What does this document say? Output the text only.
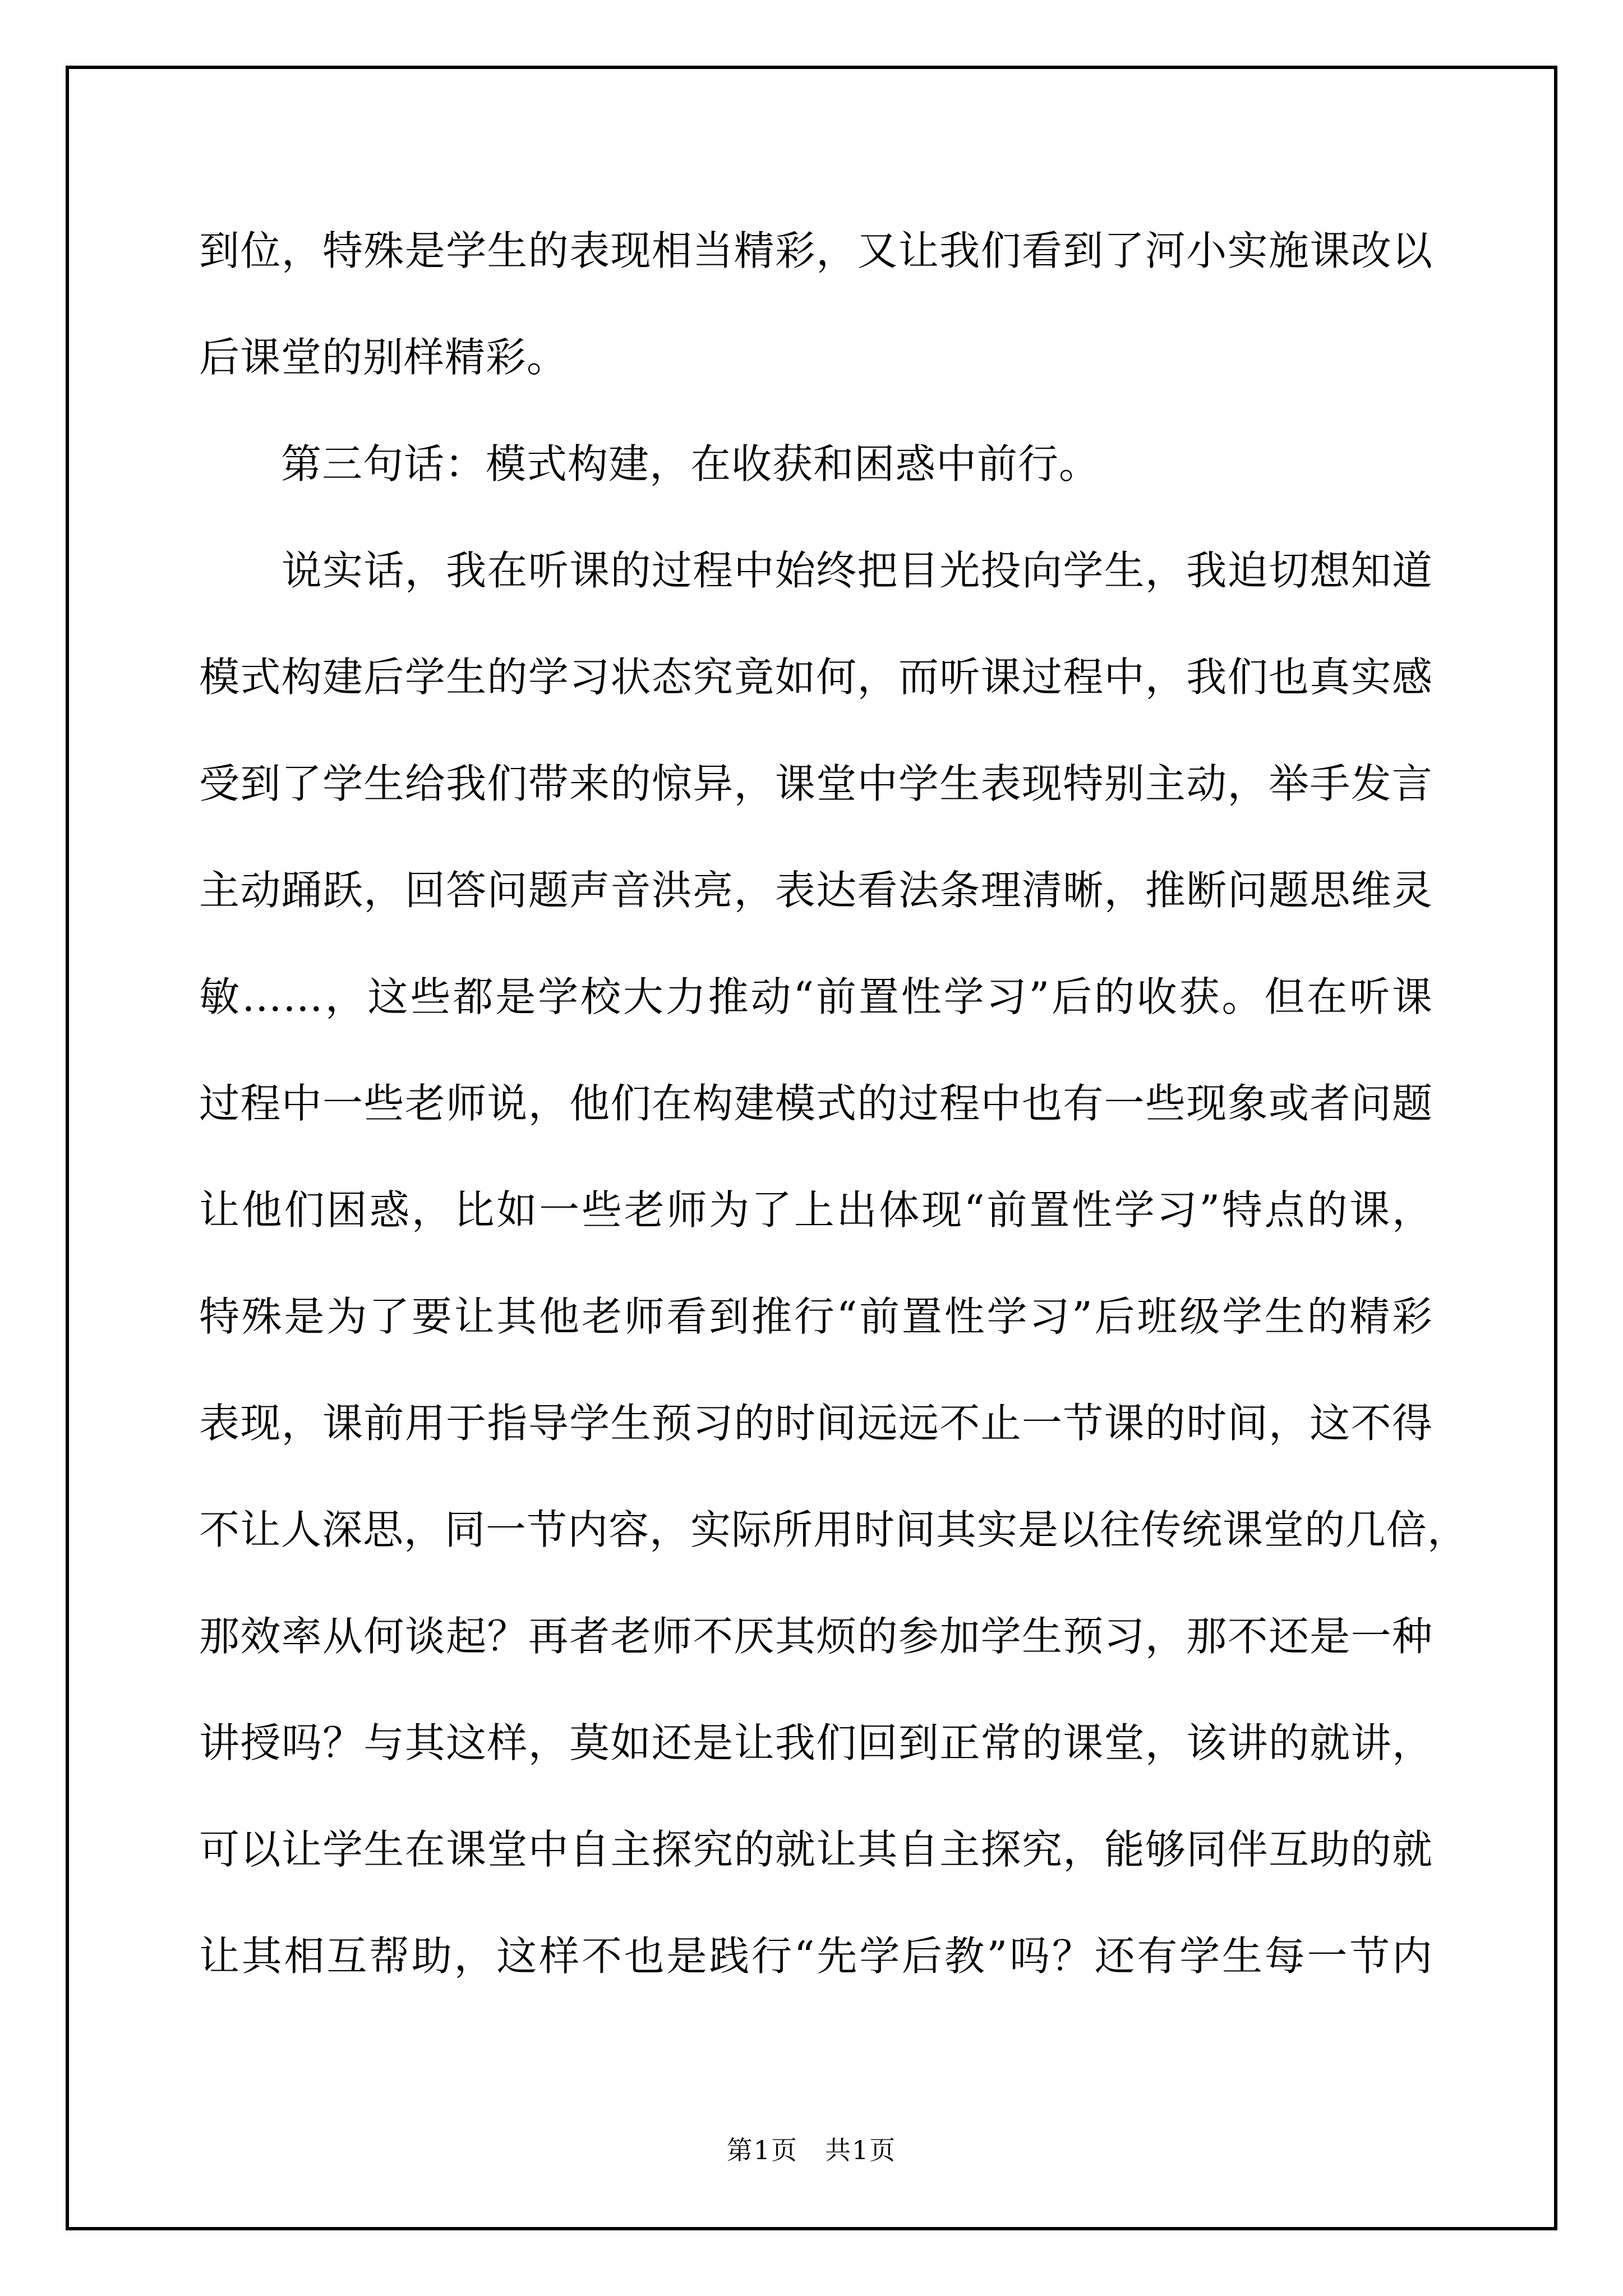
到位，特殊是学生的表现相当精彩，又让我们看到了河小实施课改以
后课堂的别样精彩。
　　第三句话：模式构建，在收获和困惑中前行。
　　说实话，我在听课的过程中始终把目光投向学生，我迫切想知道
模式构建后学生的学习状态究竟如何，而听课过程中，我们也真实感
受到了学生给我们带来的惊异，课堂中学生表现特别主动，举手发言
主动踊跃，回答问题声音洪亮，表达看法条理清晰，推断问题思维灵
敏……，这些都是学校大力推动“前置性学习”后的收获。但在听课
过程中一些老师说，他们在构建模式的过程中也有一些现象或者问题
让他们困惑，比如一些老师为了上出体现“前置性学习”特点的课，
特殊是为了要让其他老师看到推行“前置性学习”后班级学生的精彩
表现，课前用于指导学生预习的时间远远不止一节课的时间，这不得
不让人深思，同一节内容，实际所用时间其实是以往传统课堂的几倍，
那效率从何谈起？再者老师不厌其烦的参加学生预习，那不还是一种
讲授吗？与其这样，莫如还是让我们回到正常的课堂，该讲的就讲，
可以让学生在课堂中自主探究的就让其自主探究，能够同伴互助的就
让其相互帮助，这样不也是践行“先学后教”吗？还有学生每一节内
第1页　共1页
